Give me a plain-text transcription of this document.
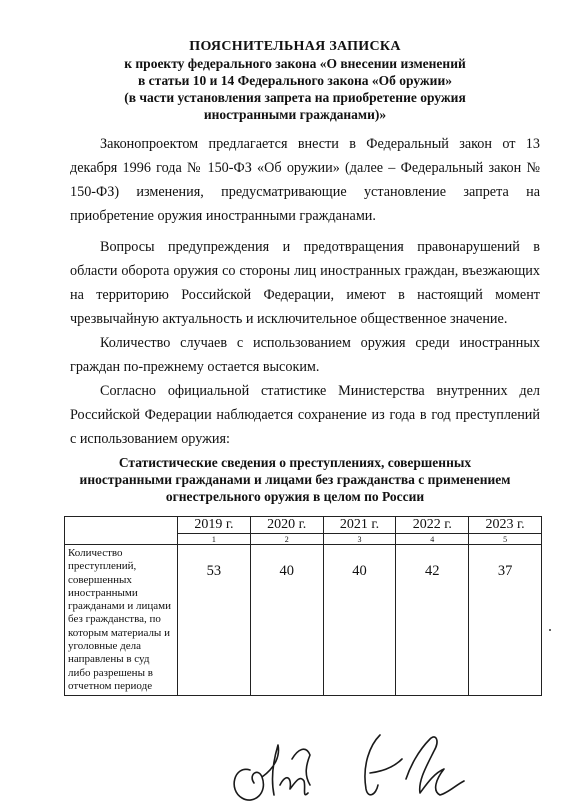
ПОЯСНИТЕЛЬНАЯ ЗАПИСКА
к проекту федерального закона «О внесении изменений
в статьи 10 и 14 Федерального закона «Об оружии»
(в части установления запрета на приобретение оружия
иностранными гражданами)»
Законопроектом предлагается внести в Федеральный закон от 13 декабря 1996 года № 150-ФЗ «Об оружии» (далее – Федеральный закон № 150-ФЗ) изменения, предусматривающие установление запрета на приобретение оружия иностранными гражданами.
Вопросы предупреждения и предотвращения правонарушений в области оборота оружия со стороны лиц иностранных граждан, въезжающих на территорию Российской Федерации, имеют в настоящий момент чрезвычайную актуальность и исключительное общественное значение.
Количество случаев с использованием оружия среди иностранных граждан по-прежнему остается высоким.
Согласно официальной статистике Министерства внутренних дел Российской Федерации наблюдается сохранение из года в год преступлений с использованием оружия:
Статистические сведения о преступлениях, совершенных
иностранными гражданами и лицами без гражданства с применением
огнестрельного оружия в целом по России
	2019 г.	2020 г.	2021 г.	2022 г.	2023 г.
	1	2	3	4	5
Количество преступлений, совершенных иностранными гражданами и лицами без гражданства, по которым материалы и уголовные дела направлены в суд либо разрешены в отчетном периоде	53	40	40	42	37
